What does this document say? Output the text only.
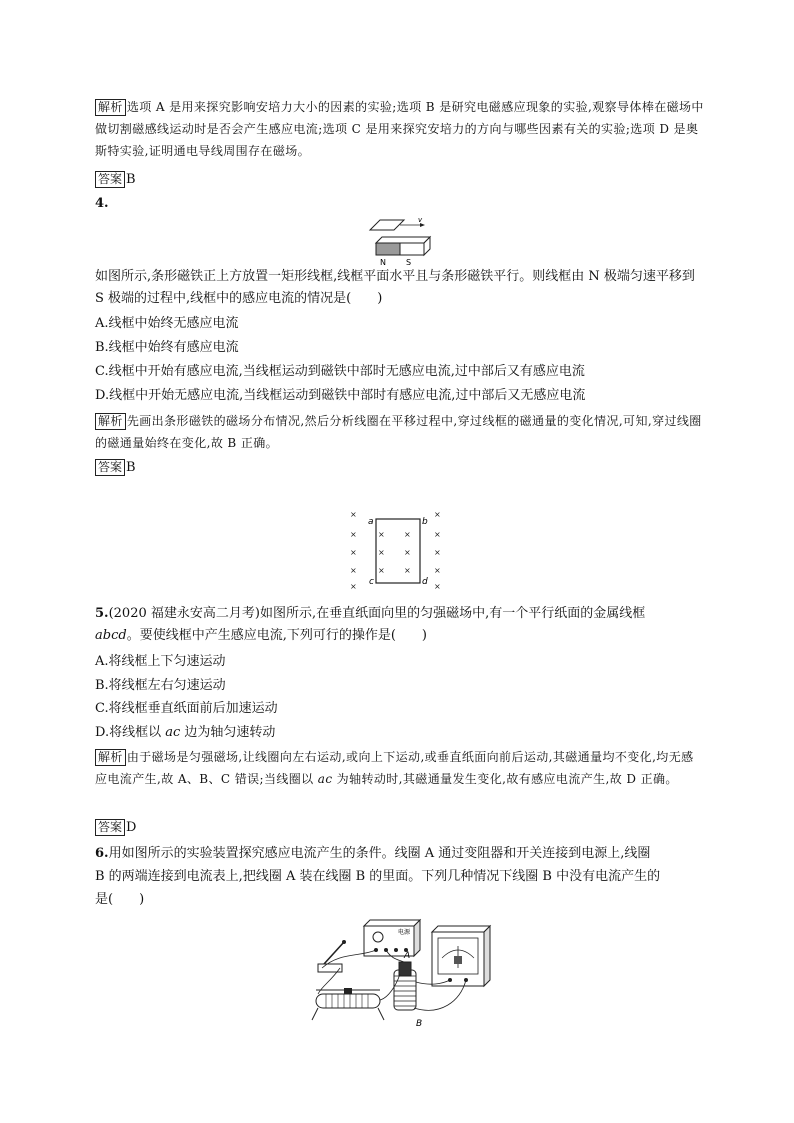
解析 选项 A 是用来探究影响安培力大小的因素的实验;选项 B 是研究电磁感应现象的实验,观察导体棒在磁场中做切割磁感线运动时是否会产生感应电流;选项 C 是用来探究安培力的方向与哪些因素有关的实验;选项 D 是奥斯特实验,证明通电导线周围存在磁场。
答案 B
4.
v
N	S
如图所示,条形磁铁正上方放置一矩形线框,线框平面水平且与条形磁铁平行。则线框由 N 极端匀速平移到 S 极端的过程中,线框中的感应电流的情况是(　　)
A.线框中始终无感应电流
B.线框中始终有感应电流
C.线框中开始有感应电流,当线框运动到磁铁中部时无感应电流,过中部后又有感应电流
D.线框中开始无感应电流,当线框运动到磁铁中部时有感应电流,过中部后又无感应电流
解析 先画出条形磁铁的磁场分布情况,然后分析线圈在平移过程中,穿过线框的磁通量的变化情况,可知,穿过线圈的磁通量始终在变化,故 B 正确。
答案 B
×
×
×
×
×
×
×
×
×
×
×
×
×
×
×
×
a	b
c	d
5.(2020 福建永安高二月考)如图所示,在垂直纸面向里的匀强磁场中,有一个平行纸面的金属线框
abcd。要使线框中产生感应电流,下列可行的操作是(　　)
A.将线框上下匀速运动
B.将线框左右匀速运动
C.将线框垂直纸面前后加速运动
D.将线框以 ac 边为轴匀速转动
解析 由于磁场是匀强磁场,让线圈向左右运动,或向上下运动,或垂直纸面向前后运动,其磁通量均不变化,均无感应电流产生,故 A、B、C 错误;当线圈以 ac 为轴转动时,其磁通量发生变化,故有感应电流产生,故 D 正确。
答案 D
6.用如图所示的实验装置探究感应电流产生的条件。线圈 A 通过变阻器和开关连接到电源上,线圈
B 的两端连接到电流表上,把线圈 A 装在线圈 B 的里面。下列几种情况下线圈 B 中没有电流产生的
是(　　)
电源
A
B
